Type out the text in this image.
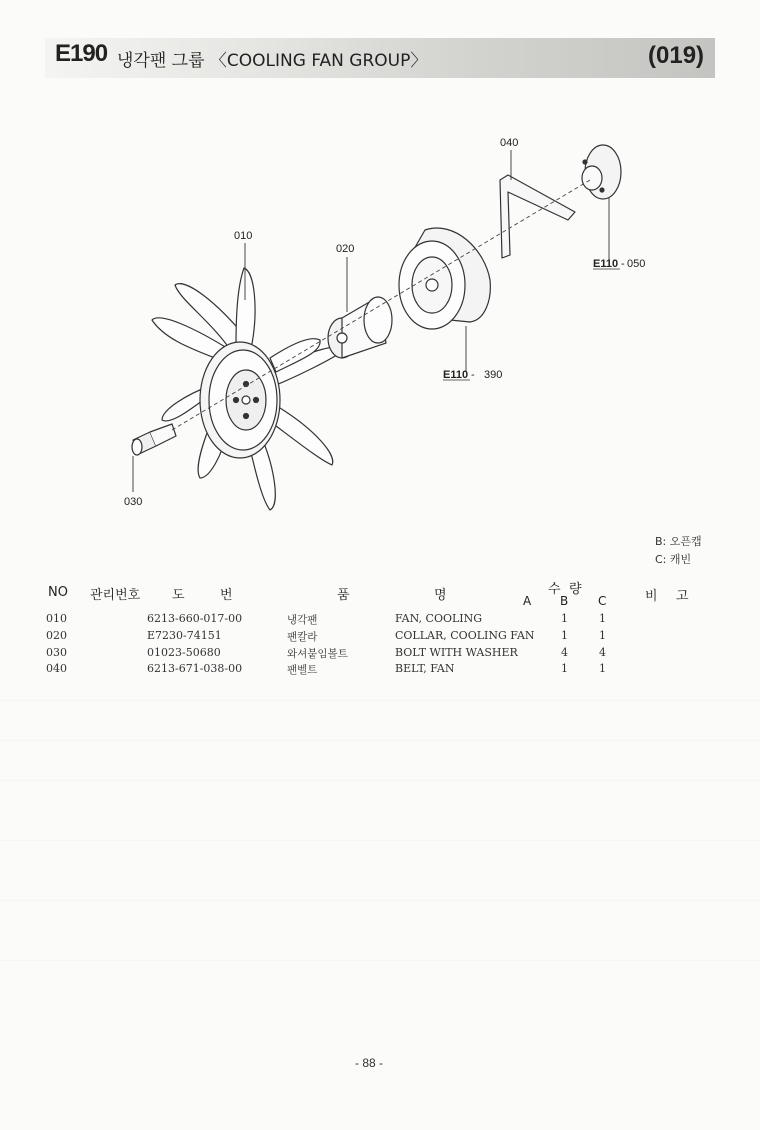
E190 냉각팬 그룹 〈COOLING FAN GROUP〉	(019)
010
020
030
040
E110 - 390
E110 - 050
B: 오픈캡
C: 캐빈
NO 관리번호 도	번	품	명	수 량
A B C	비 고
010	6213-660-017-00	냉각팬	FAN, COOLING	1	1
020	E7230-74151	팬칼라	COLLAR, COOLING FAN 1	1
030	01023-50680	와셔붙임볼트	BOLT WITH WASHER	4	4
040	6213-671-038-00	팬벨트	BELT, FAN	1	1
- 88 -
